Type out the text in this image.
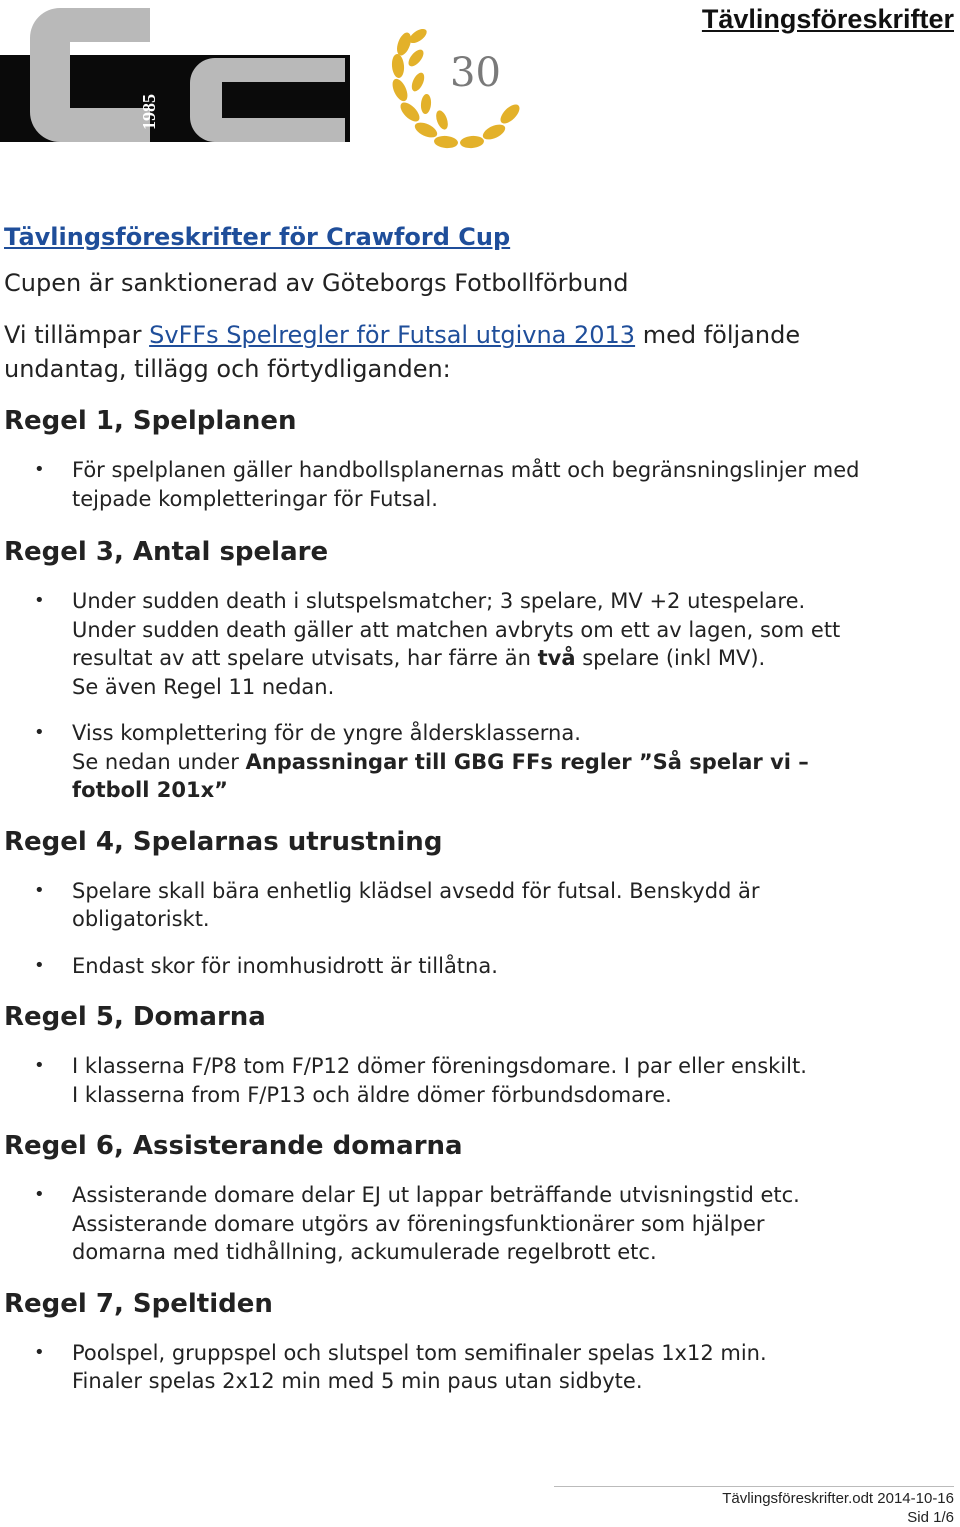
1985
30
Tävlingsföreskrifter
Tävlingsföreskrifter för Crawford Cup

Cupen är sanktionerad av Göteborgs Fotbollförbund

Vi tillämpar SvFFs Spelregler för Futsal utgivna 2013 med följande
undantag, tillägg och förtydliganden:

Regel 1, Spelplanen
• För spelplanen gäller handbollsplanernas mått och begränsningslinjer med
tejpade kompletteringar för Futsal.
Regel 3, Antal spelare
• Under sudden death i slutspelsmatcher; 3 spelare, MV +2 utespelare.
Under sudden death gäller att matchen avbryts om ett av lagen, som ett
resultat av att spelare utvisats, har färre än två spelare (inkl MV).
Se även Regel 11 nedan.
• Viss komplettering för de yngre åldersklasserna.
Se nedan under Anpassningar till GBG FFs regler ”Så spelar vi –
fotboll 201x”
Regel 4, Spelarnas utrustning
• Spelare skall bära enhetlig klädsel avsedd för futsal. Benskydd är
obligatoriskt.
• Endast skor för inomhusidrott är tillåtna.
Regel 5, Domarna
• I klasserna F/P8 tom F/P12 dömer föreningsdomare. I par eller enskilt.
I klasserna from F/P13 och äldre dömer förbundsdomare.
Regel 6, Assisterande domarna
• Assisterande domare delar EJ ut lappar beträffande utvisningstid etc.
Assisterande domare utgörs av föreningsfunktionärer som hjälper
domarna med tidhållning, ackumulerade regelbrott etc.
Regel 7, Speltiden
• Poolspel, gruppspel och slutspel tom semifinaler spelas 1x12 min.
Finaler spelas 2x12 min med 5 min paus utan sidbyte.
Tävlingsföreskrifter.odt 2014-10-16
Sid 1/6
